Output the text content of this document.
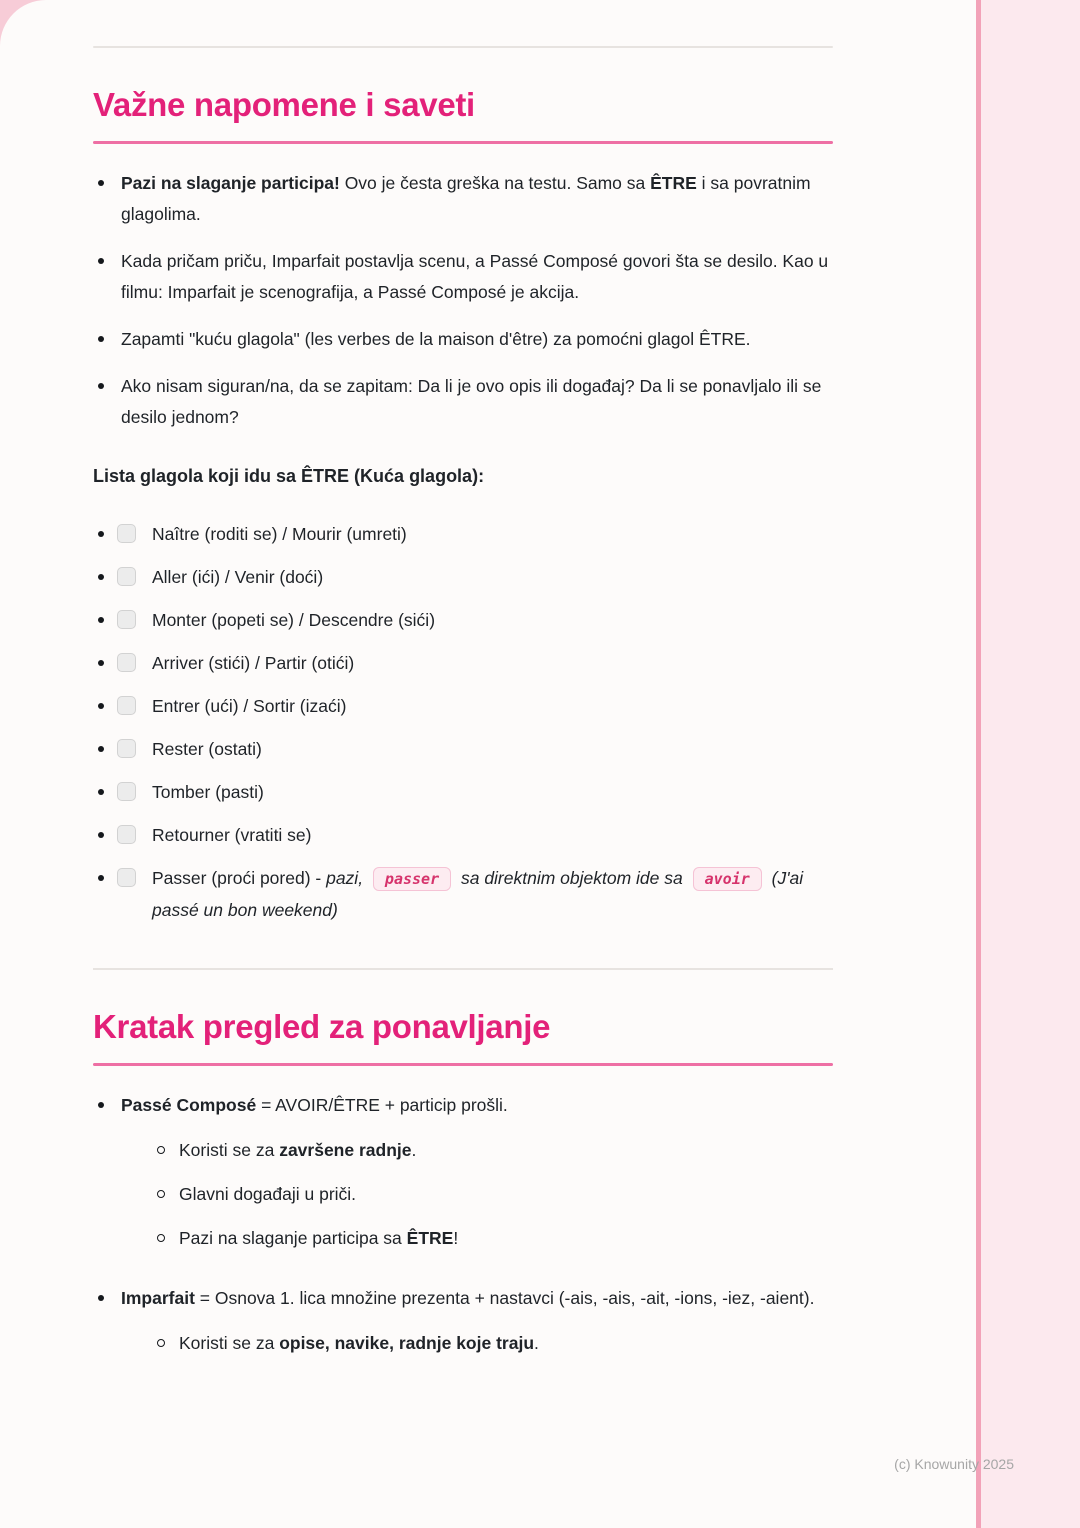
Važne napomene i saveti
Pazi na slaganje participa! Ovo je česta greška na testu. Samo sa ÊTRE i sa povratnim glagolima.
Kada pričam priču, Imparfait postavlja scenu, a Passé Composé govori šta se desilo. Kao u filmu: Imparfait je scenografija, a Passé Composé je akcija.
Zapamti "kuću glagola" (les verbes de la maison d'être) za pomoćni glagol ÊTRE.
Ako nisam siguran/na, da se zapitam: Da li je ovo opis ili događaj? Da li se ponavljalo ili se desilo jednom?

Lista glagola koji idu sa ÊTRE (Kuća glagola):

Naître (roditi se) / Mourir (umreti)
Aller (ići) / Venir (doći)
Monter (popeti se) / Descendre (sići)
Arriver (stići) / Partir (otići)
Entrer (ući) / Sortir (izaći)
Rester (ostati)
Tomber (pasti)
Retourner (vratiti se)
Passer (proći pored) - pazi, passer sa direktnim objektom ide sa avoir (J'ai passé un bon weekend)
Kratak pregled za ponavljanje
Passé Composé = AVOIR/ÊTRE + particip prošli.
Koristi se za završene radnje.
Glavni događaji u priči.
Pazi na slaganje participa sa ÊTRE!
Imparfait = Osnova 1. lica množine prezenta + nastavci (-ais, -ais, -ait, -ions, -iez, -aient).
Koristi se za opise, navike, radnje koje traju.
(c) Knowunity 2025
